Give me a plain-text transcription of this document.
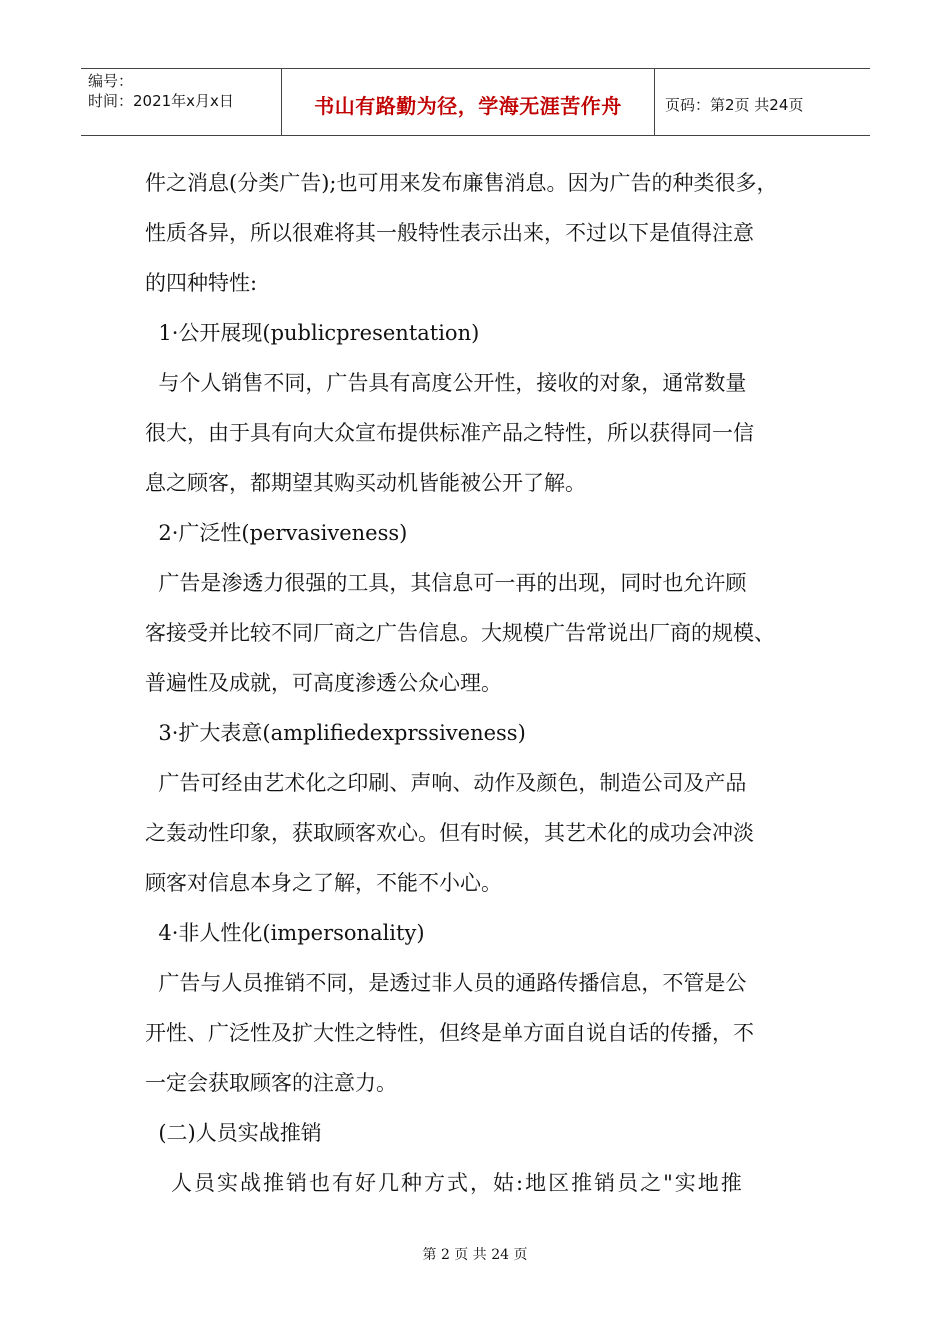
编号：
时间：2021年x月x日	书山有路勤为径，学海无涯苦作舟	页码：第2页 共24页
件之消息(分类广告);也可用来发布廉售消息。因为广告的种类很多，
性质各异，所以很难将其一般特性表示出来，不过以下是值得注意
的四种特性:
1·公开展现(publicpresentation)
与个人销售不同，广告具有高度公开性，接收的对象，通常数量
很大，由于具有向大众宣布提供标准产品之特性，所以获得同一信
息之顾客，都期望其购买动机皆能被公开了解。
2·广泛性(pervasiveness)
广告是渗透力很强的工具，其信息可一再的出现，同时也允许顾
客接受并比较不同厂商之广告信息。大规模广告常说出厂商的规模、
普遍性及成就，可高度渗透公众心理。
3·扩大表意(amplifiedexprssiveness)
广告可经由艺术化之印刷、声响、动作及颜色，制造公司及产品
之轰动性印象，获取顾客欢心。但有时候，其艺术化的成功会冲淡
顾客对信息本身之了解，不能不小心。
4·非人性化(impersonality)
广告与人员推销不同，是透过非人员的通路传播信息，不管是公
开性、广泛性及扩大性之特性，但终是单方面自说自话的传播，不
一定会获取顾客的注意力。
(二)人员实战推销
人员实战推销也有好几种方式，姑:地区推销员之"实地推
第 2 页 共 24 页
